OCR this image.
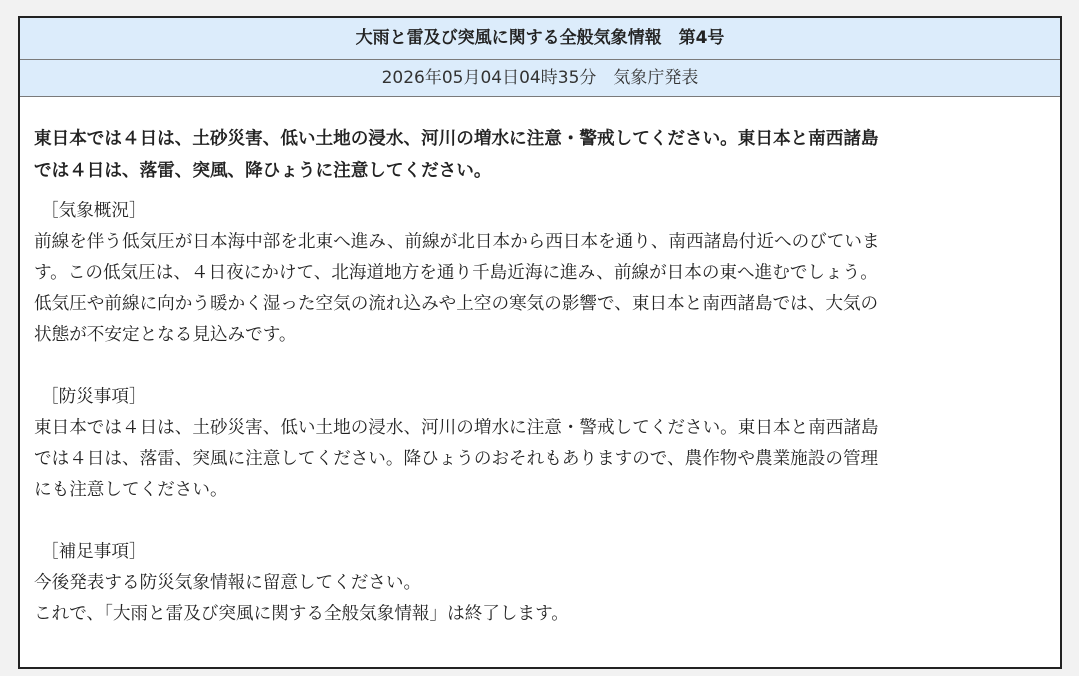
大雨と雷及び突風に関する全般気象情報　第4号
2026年05月04日04時35分　気象庁発表
東日本では４日は、土砂災害、低い土地の浸水、河川の増水に注意・警戒してください。東日本と南西諸島
では４日は、落雷、突風、降ひょうに注意してください。
［気象概況］
前線を伴う低気圧が日本海中部を北東へ進み、前線が北日本から西日本を通り、南西諸島付近へのびていま
す。この低気圧は、４日夜にかけて、北海道地方を通り千島近海に進み、前線が日本の東へ進むでしょう。
低気圧や前線に向かう暖かく湿った空気の流れ込みや上空の寒気の影響で、東日本と南西諸島では、大気の
状態が不安定となる見込みです。
［防災事項］
東日本では４日は、土砂災害、低い土地の浸水、河川の増水に注意・警戒してください。東日本と南西諸島
では４日は、落雷、突風に注意してください。降ひょうのおそれもありますので、農作物や農業施設の管理
にも注意してください。
［補足事項］
今後発表する防災気象情報に留意してください。
これで、「大雨と雷及び突風に関する全般気象情報」は終了します。
